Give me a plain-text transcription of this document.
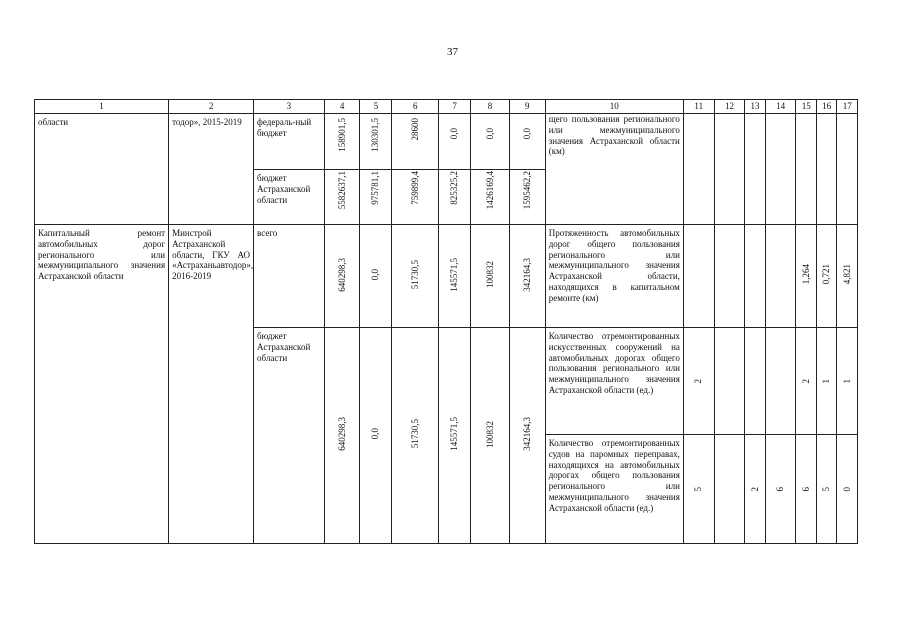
37
1	2	3	4	5	6	7	8	9	10	11	12	13	14	15	16	17

области	тодор», 2015-2019	федераль-ный бюджет	158901,5	130301,5	28600	0,0	0,0	0,0	щего пользования регионального или межмуниципального значения Астраханской области (км)							

		бюджет Астраханской области	5582637,1	975781,1	759899,4	825325,2	1426169,4	1595462,2								

Капитальный ремонт автомобильных дорог регионального или межмуниципального значения Астраханской области	Минстрой Астраханской области, ГКУ АО «Астраханьавтодор», 2016-2019	всего	640298,3	0,0	51730,5	145571,5	100832	342164,3	Протяженность автомобильных дорог общего пользования регионального или межмуниципального значения Астраханской области, находящихся в капитальном ремонте (км)					1,264	0,721	4,821

		бюджет Астраханской области	640298,3	0,0	51730,5	145571,5	100832	342164,3	Количество отремонтированных искусственных сооружений на автомобильных дорогах общего пользования регионального или межмуниципального значения Астраханской области (ед.)	2				2	1	1

									Количество отремонтированных судов на паромных переправах, находящихся на автомобильных дорогах общего пользования регионального или межмуниципального значения Астраханской области (ед.)	5		2	6	6	5	0
